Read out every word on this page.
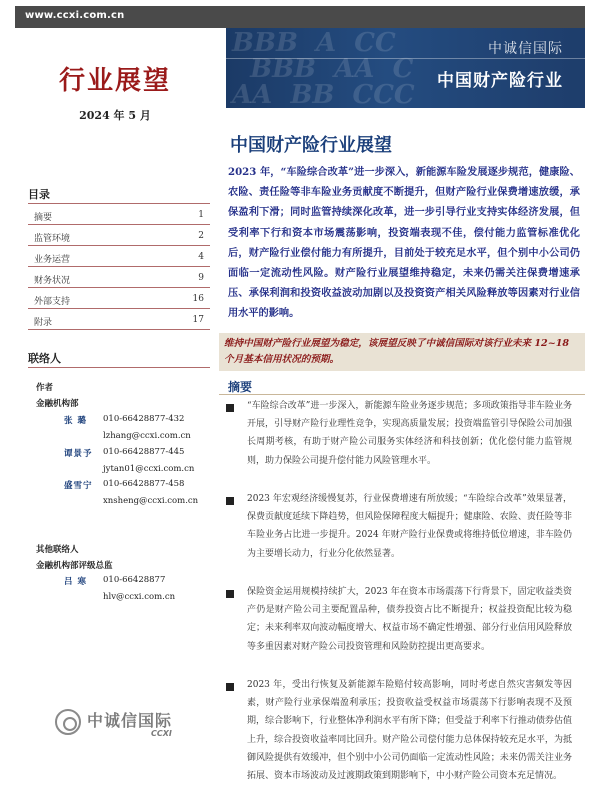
www.ccxi.com.cn
行业展望
2024 年 5 月
BBB  A  CC
BBB  AA  C
AA  BB  CCC
中诚信国际
中国财产险行业
中国财产险行业展望
2023 年，“车险综合改革”进一步深入，新能源车险发展逐步规范，健康险、农险、责任险等非车险业务贡献度不断提升，但财产险行业保费增速放缓，承保盈利下滑；同时监管持续深化改革，进一步引导行业支持实体经济发展，但受利率下行和资本市场震荡影响，投资端表现不佳，偿付能力监管标准优化后，财产险行业偿付能力有所提升，目前处于较充足水平，但个别中小公司仍面临一定流动性风险。财产险行业展望维持稳定，未来仍需关注保费增速承压、承保利润和投资收益波动加剧以及投资资产相关风险释放等因素对行业信用水平的影响。
目录
摘要	1
监管环境	2
业务运营	4
财务状况	9
外部支持	16
附录	17
联络人
作者
金融机构部
张 璐 010-66428877-432
lzhang@ccxi.com.cn
谭景予 010-66428877-445
jytan01@ccxi.com.cn
盛雪宁 010-66428877-458
xnsheng@ccxi.com.cn
其他联络人
金融机构部评级总监
吕 寒 010-66428877
hlv@ccxi.com.cn
中诚信国际
CCXI
维持中国财产险行业展望为稳定，该展望反映了中诚信国际对该行业未来 12~18 个月基本信用状况的预期。
摘要
“车险综合改革”进一步深入，新能源车险业务逐步规范；多项政策指导非车险业务开展，引导财产险行业理性竞争，实现高质量发展；投资端监管引导保险公司加强长周期考核，有助于财产险公司服务实体经济和科技创新；优化偿付能力监管规则，助力保险公司提升偿付能力风险管理水平。
2023 年宏观经济缓慢复苏，行业保费增速有所放缓；“车险综合改革”效果显著，保费贡献度延续下降趋势，但风险保障程度大幅提升；健康险、农险、责任险等非车险业务占比进一步提升。2024 年财产险行业保费或将维持低位增速，非车险仍为主要增长动力，行业分化依然显著。
保险资金运用规模持续扩大，2023 年在资本市场震荡下行背景下，固定收益类资产仍是财产险公司主要配置品种，债券投资占比不断提升；权益投资配比较为稳定；未来利率双向波动幅度增大、权益市场不确定性增强、部分行业信用风险释放等多重因素对财产险公司投资管理和风险防控提出更高要求。
2023 年，受出行恢复及新能源车险赔付较高影响，同时考虑自然灾害频发等因素，财产险行业承保端盈利承压；投资收益受权益市场震荡下行影响表现不及预期，综合影响下，行业整体净利润水平有所下降；但受益于利率下行推动债券估值上升，综合投资收益率同比回升。财产险公司偿付能力总体保持较充足水平，为抵御风险提供有效缓冲，但个别中小公司仍面临一定流动性风险；未来仍需关注业务拓展、资本市场波动及过渡期政策到期影响下，中小财产险公司资本充足情况。
